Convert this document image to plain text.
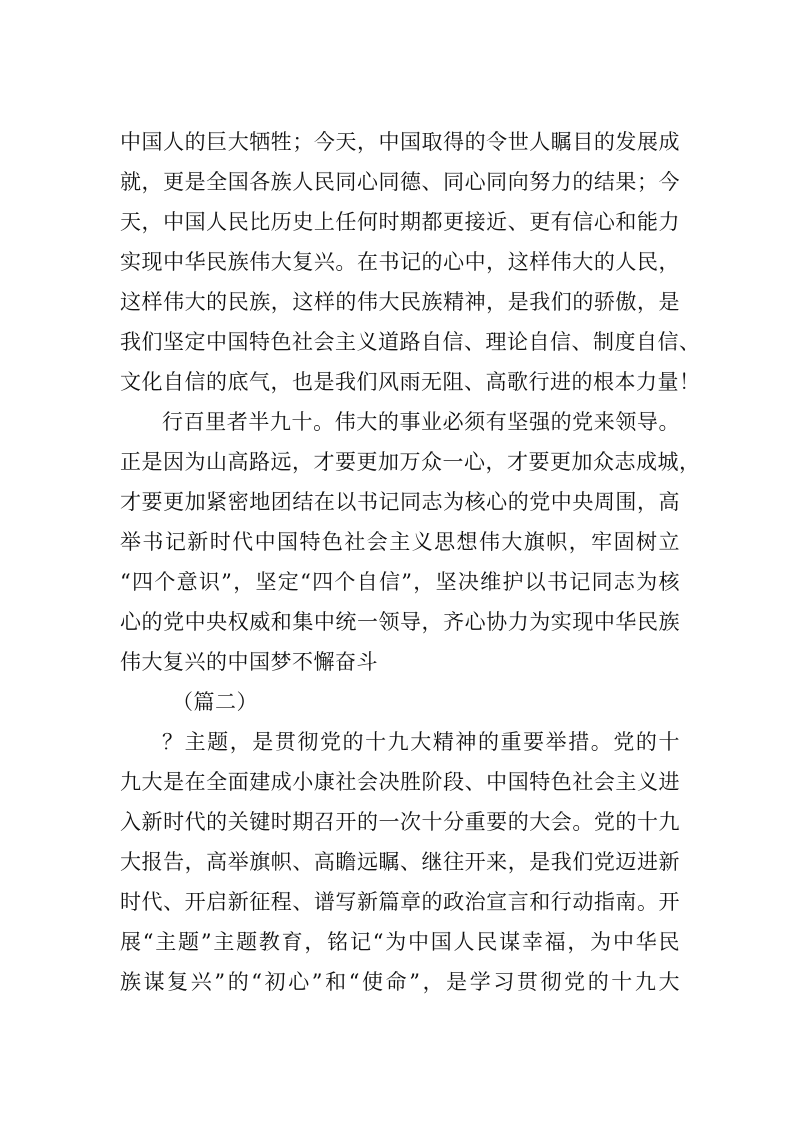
中国人的巨大牺牲；今天，中国取得的令世人瞩目的发展成
就，更是全国各族人民同心同德、同心同向努力的结果；今
天，中国人民比历史上任何时期都更接近、更有信心和能力
实现中华民族伟大复兴。在书记的心中，这样伟大的人民，
这样伟大的民族，这样的伟大民族精神，是我们的骄傲，是
我们坚定中国特色社会主义道路自信、理论自信、制度自信、
文化自信的底气，也是我们风雨无阻、高歌行进的根本力量！
行百里者半九十。伟大的事业必须有坚强的党来领导。
正是因为山高路远，才要更加万众一心，才要更加众志成城，
才要更加紧密地团结在以书记同志为核心的党中央周围，高
举书记新时代中国特色社会主义思想伟大旗帜，牢固树立
“四个意识”，坚定“四个自信”，坚决维护以书记同志为核
心的党中央权威和集中统一领导，齐心协力为实现中华民族
伟大复兴的中国梦不懈奋斗
（篇二）
？主题，是贯彻党的十九大精神的重要举措。党的十
九大是在全面建成小康社会决胜阶段、中国特色社会主义进
入新时代的关键时期召开的一次十分重要的大会。党的十九
大报告，高举旗帜、高瞻远瞩、继往开来，是我们党迈进新
时代、开启新征程、谱写新篇章的政治宣言和行动指南。开
展“主题”主题教育，铭记“为中国人民谋幸福，为中华民
族谋复兴”的“初心”和“使命”，是学习贯彻党的十九大
